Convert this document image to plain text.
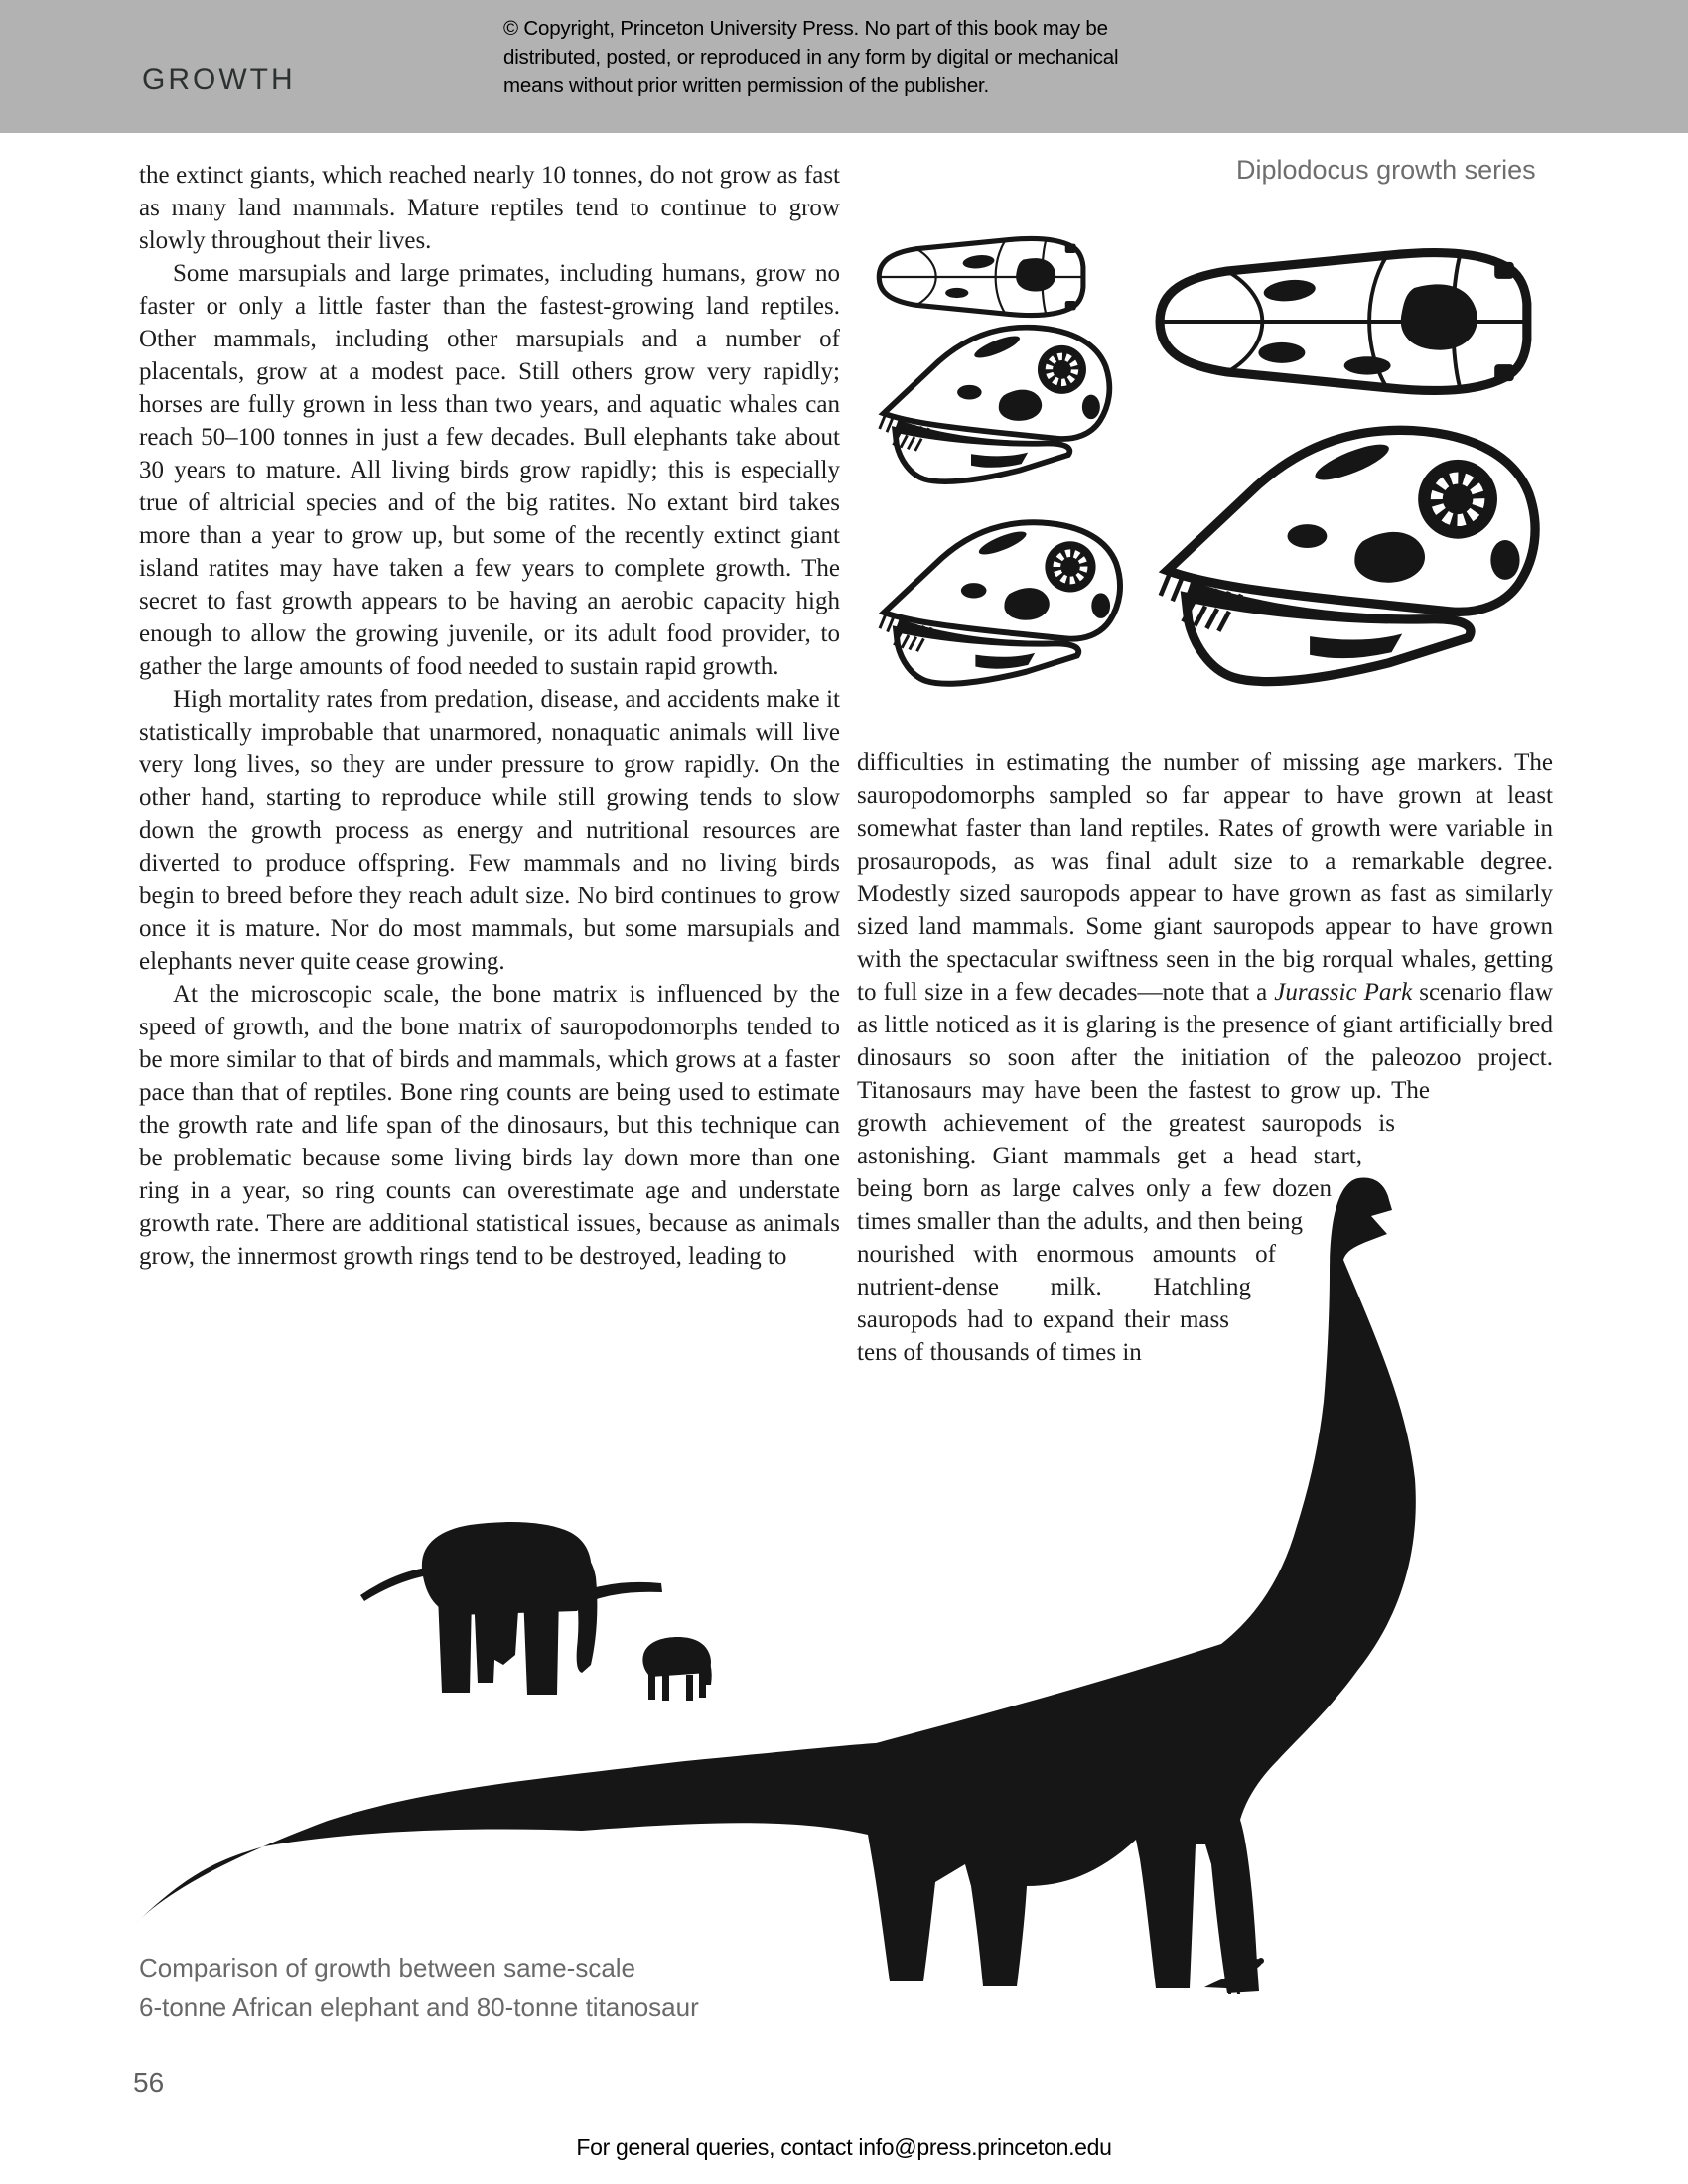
GROWTH
© Copyright, Princeton University Press. No part of this book may be
distributed, posted, or reproduced in any form by digital or mechanical
means without prior written permission of the publisher.
Diplodocus growth series

the extinct giants, which reached nearly 10 tonnes, do not grow as fast as many land mammals. Mature reptiles tend to continue to grow slowly throughout their lives.

Some marsupials and large primates, including humans, grow no faster or only a little faster than the fastest-growing land reptiles. Other mammals, including other marsupials and a number of placentals, grow at a modest pace. Still others grow very rapidly; horses are fully grown in less than two years, and aquatic whales can reach 50–100 tonnes in just a few decades. Bull elephants take about 30 years to mature. All living birds grow rapidly; this is especially true of altricial species and of the big ratites. No extant bird takes more than a year to grow up, but some of the recently extinct giant island ratites may have taken a few years to complete growth. The secret to fast growth appears to be having an aerobic capacity high enough to allow the growing juvenile, or its adult food provider, to gather the large amounts of food needed to sustain rapid growth.

High mortality rates from predation, disease, and accidents make it statistically improbable that unarmored, nonaquatic animals will live very long lives, so they are under pressure to grow rapidly. On the other hand, starting to reproduce while still growing tends to slow down the growth process as energy and nutritional resources are diverted to produce offspring. Few mammals and no living birds begin to breed before they reach adult size. No bird continues to grow once it is mature. Nor do most mammals, but some marsupials and elephants never quite cease growing.

At the microscopic scale, the bone matrix is influenced by the speed of growth, and the bone matrix of sauropodomorphs tended to be more similar to that of birds and mammals, which grows at a faster pace than that of reptiles. Bone ring counts are being used to estimate the growth rate and life span of the dinosaurs, but this technique can be problematic because some living birds lay down more than one ring in a year, so ring counts can overestimate age and understate growth rate. There are additional statistical issues, because as animals grow, the innermost growth rings tend to be destroyed, leading to

difficulties in estimating the number of missing age markers. The sauropodomorphs sampled so far appear to have grown at least somewhat faster than land reptiles. Rates of growth were variable in prosauropods, as was final adult size to a remarkable degree. Modestly sized sauropods appear to have grown as fast as similarly sized land mammals. Some giant sauropods appear to have grown with the spectacular swiftness seen in the big rorqual whales, getting to full size in a few decades—note that a Jurassic Park scenario flaw as little noticed as it is glaring is the presence of giant artificially bred dinosaurs so soon after the initiation of the paleozoo project. Titanosaurs may have been the fastest to grow up. The growth achievement of the greatest sauropods is astonishing. Giant mammals get a head start, being born as large calves only a few dozen times smaller than the adults, and then being nourished with enormous amounts of nutrient-dense milk. Hatchling sauropods had to expand their mass tens of thousands of times in

Comparison of growth between same-scale
6-tonne African elephant and 80-tonne titanosaur
56
For general queries, contact info@press.princeton.edu
